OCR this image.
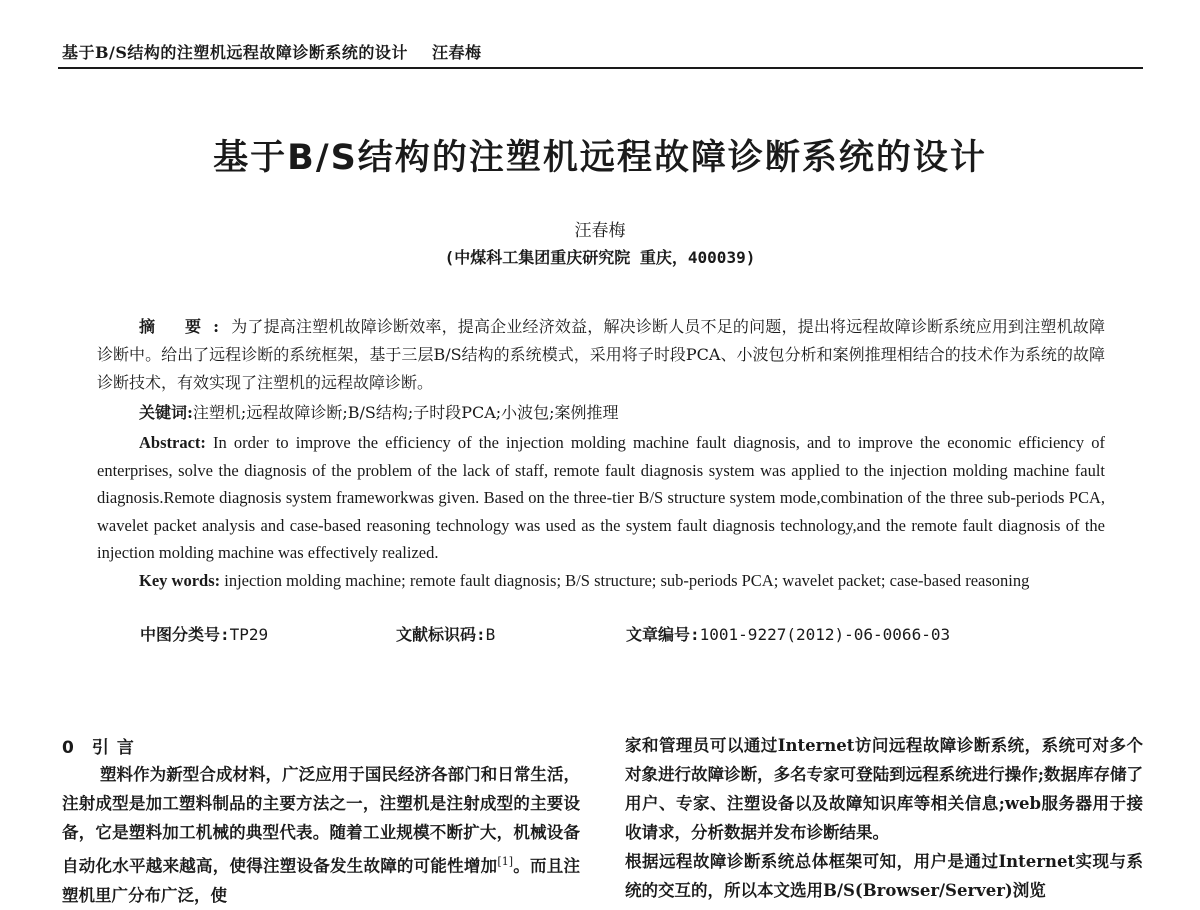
基于B/S结构的注塑机远程故障诊断系统的设计 汪春梅
基于B/S结构的注塑机远程故障诊断系统的设计
汪春梅
(中煤科工集团重庆研究院 重庆，400039)
摘 要:为了提高注塑机故障诊断效率，提高企业经济效益，解决诊断人员不足的问题，提出将远程故障诊断系统应用到注塑机故障诊断中。给出了远程诊断的系统框架，基于三层B/S结构的系统模式，采用将子时段PCA、小波包分析和案例推理相结合的技术作为系统的故障诊断技术，有效实现了注塑机的远程故障诊断。
关键词:注塑机;远程故障诊断;B/S结构;子时段PCA;小波包;案例推理
Abstract: In order to improve the efficiency of the injection molding machine fault diagnosis, and to improve the economic efficiency of enterprises, solve the diagnosis of the problem of the lack of staff, remote fault diagnosis system was applied to the injection molding machine fault diagnosis.Remote diagnosis system frameworkwas given. Based on the three-tier B/S structure system mode,combination of the three sub-periods PCA, wavelet packet analysis and case-based reasoning technology was used as the system fault diagnosis technology,and the remote fault diagnosis of the injection molding machine was effectively realized.
Key words: injection molding machine; remote fault diagnosis; B/S structure; sub-periods PCA; wavelet packet; case-based reasoning
中图分类号:TP29	文献标识码:B	文章编号:1001-9227(2012)-06-0066-03
0 引言

塑料作为新型合成材料，广泛应用于国民经济各部门和日常生活，注射成型是加工塑料制品的主要方法之一，注塑机是注射成型的主要设备，它是塑料加工机械的典型代表。随着工业规模不断扩大，机械设备自动化水平越来越高，使得注塑设备发生故障的可能性增加[1]。而且注塑机里广分布广泛，使

家和管理员可以通过Internet访问远程故障诊断系统，系统可对多个对象进行故障诊断，多名专家可登陆到远程系统进行操作;数据库存储了用户、专家、注塑设备以及故障知识库等相关信息;web服务器用于接收请求，分析数据并发布诊断结果。

根据远程故障诊断系统总体框架可知，用户是通过Internet实现与系统的交互的，所以本文选用B/S(Browser/Server)浏览
